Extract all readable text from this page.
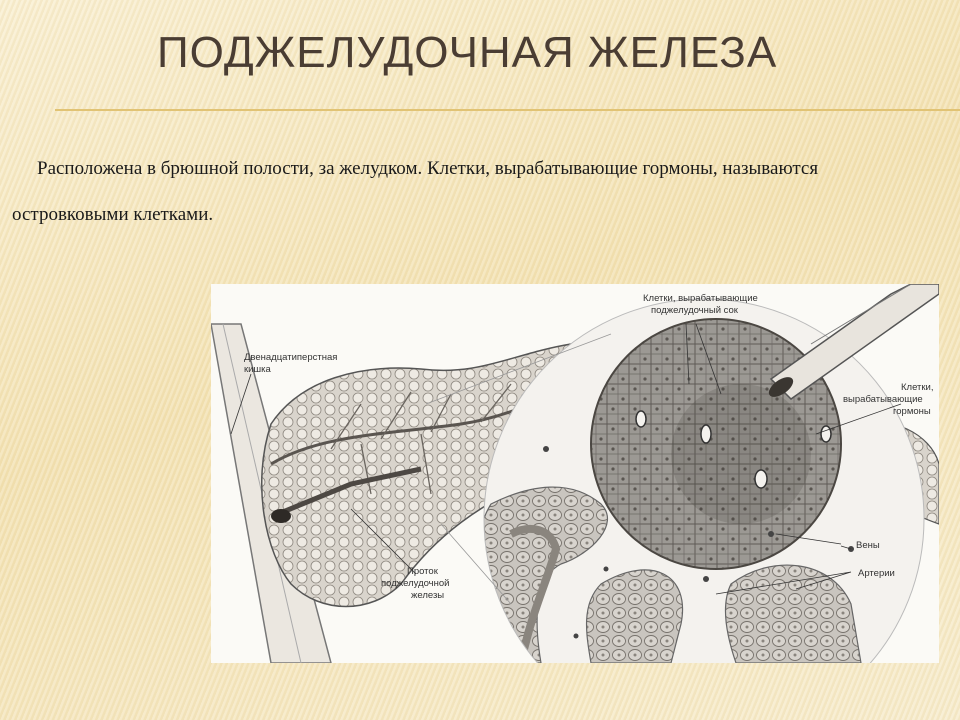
ПОДЖЕЛУДОЧНАЯ ЖЕЛЕЗА
Расположена в брюшной полости, за желудком. Клетки, вырабатывающие гормоны, называются островковыми клетками.
Двенадцатиперстная
кишка
Клетки, вырабатывающие
поджелудочный сок
Клетки,
вырабатывающие
гормоны
Вены
Артерии
Проток
поджелудочной
железы
